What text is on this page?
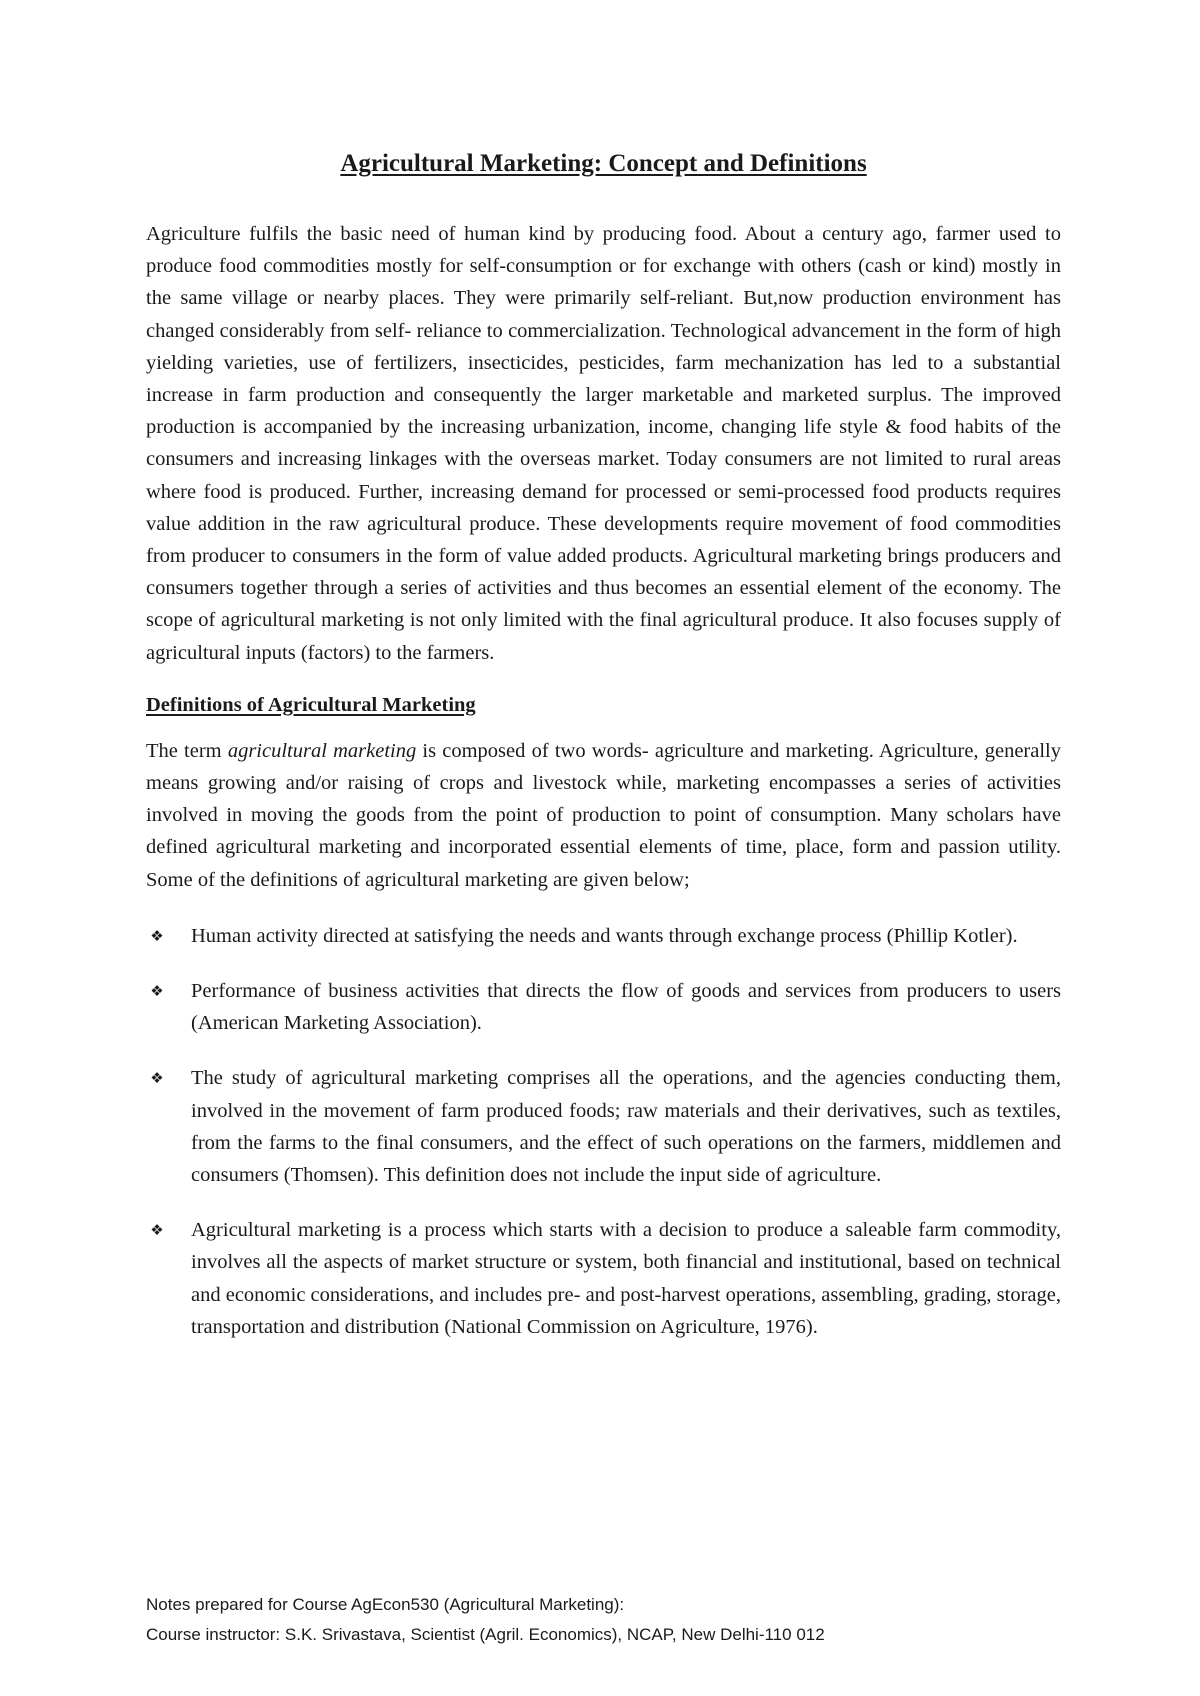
Agricultural Marketing: Concept and Definitions

Agriculture fulfils the basic need of human kind by producing food. About a century ago, farmer used to produce food commodities mostly for self-consumption or for exchange with others (cash or kind) mostly in the same village or nearby places. They were primarily self-reliant. But,now production environment has changed considerably from self- reliance to commercialization. Technological advancement in the form of high yielding varieties, use of fertilizers, insecticides, pesticides, farm mechanization has led to a substantial increase in farm production and consequently the larger marketable and marketed surplus. The improved production is accompanied by the increasing urbanization, income, changing life style & food habits of the consumers and increasing linkages with the overseas market. Today consumers are not limited to rural areas where food is produced. Further, increasing demand for processed or semi-processed food products requires value addition in the raw agricultural produce. These developments require movement of food commodities from producer to consumers in the form of value added products. Agricultural marketing brings producers and consumers together through a series of activities and thus becomes an essential element of the economy. The scope of agricultural marketing is not only limited with the final agricultural produce. It also focuses supply of agricultural inputs (factors) to the farmers.

Definitions of Agricultural Marketing

The term agricultural marketing is composed of two words- agriculture and marketing. Agriculture, generally means growing and/or raising of crops and livestock while, marketing encompasses a series of activities involved in moving the goods from the point of production to point of consumption. Many scholars have defined agricultural marketing and incorporated essential elements of time, place, form and passion utility. Some of the definitions of agricultural marketing are given below;

❖ Human activity directed at satisfying the needs and wants through exchange process (Phillip Kotler).
❖ Performance of business activities that directs the flow of goods and services from producers to users (American Marketing Association).
❖ The study of agricultural marketing comprises all the operations, and the agencies conducting them, involved in the movement of farm produced foods; raw materials and their derivatives, such as textiles, from the farms to the final consumers, and the effect of such operations on the farmers, middlemen and consumers (Thomsen). This definition does not include the input side of agriculture.
❖ Agricultural marketing is a process which starts with a decision to produce a saleable farm commodity, involves all the aspects of market structure or system, both financial and institutional, based on technical and economic considerations, and includes pre- and post-harvest operations, assembling, grading, storage, transportation and distribution (National Commission on Agriculture, 1976).
Notes prepared for Course AgEcon530 (Agricultural Marketing):
Course instructor: S.K. Srivastava, Scientist (Agril. Economics), NCAP, New Delhi-110 012
